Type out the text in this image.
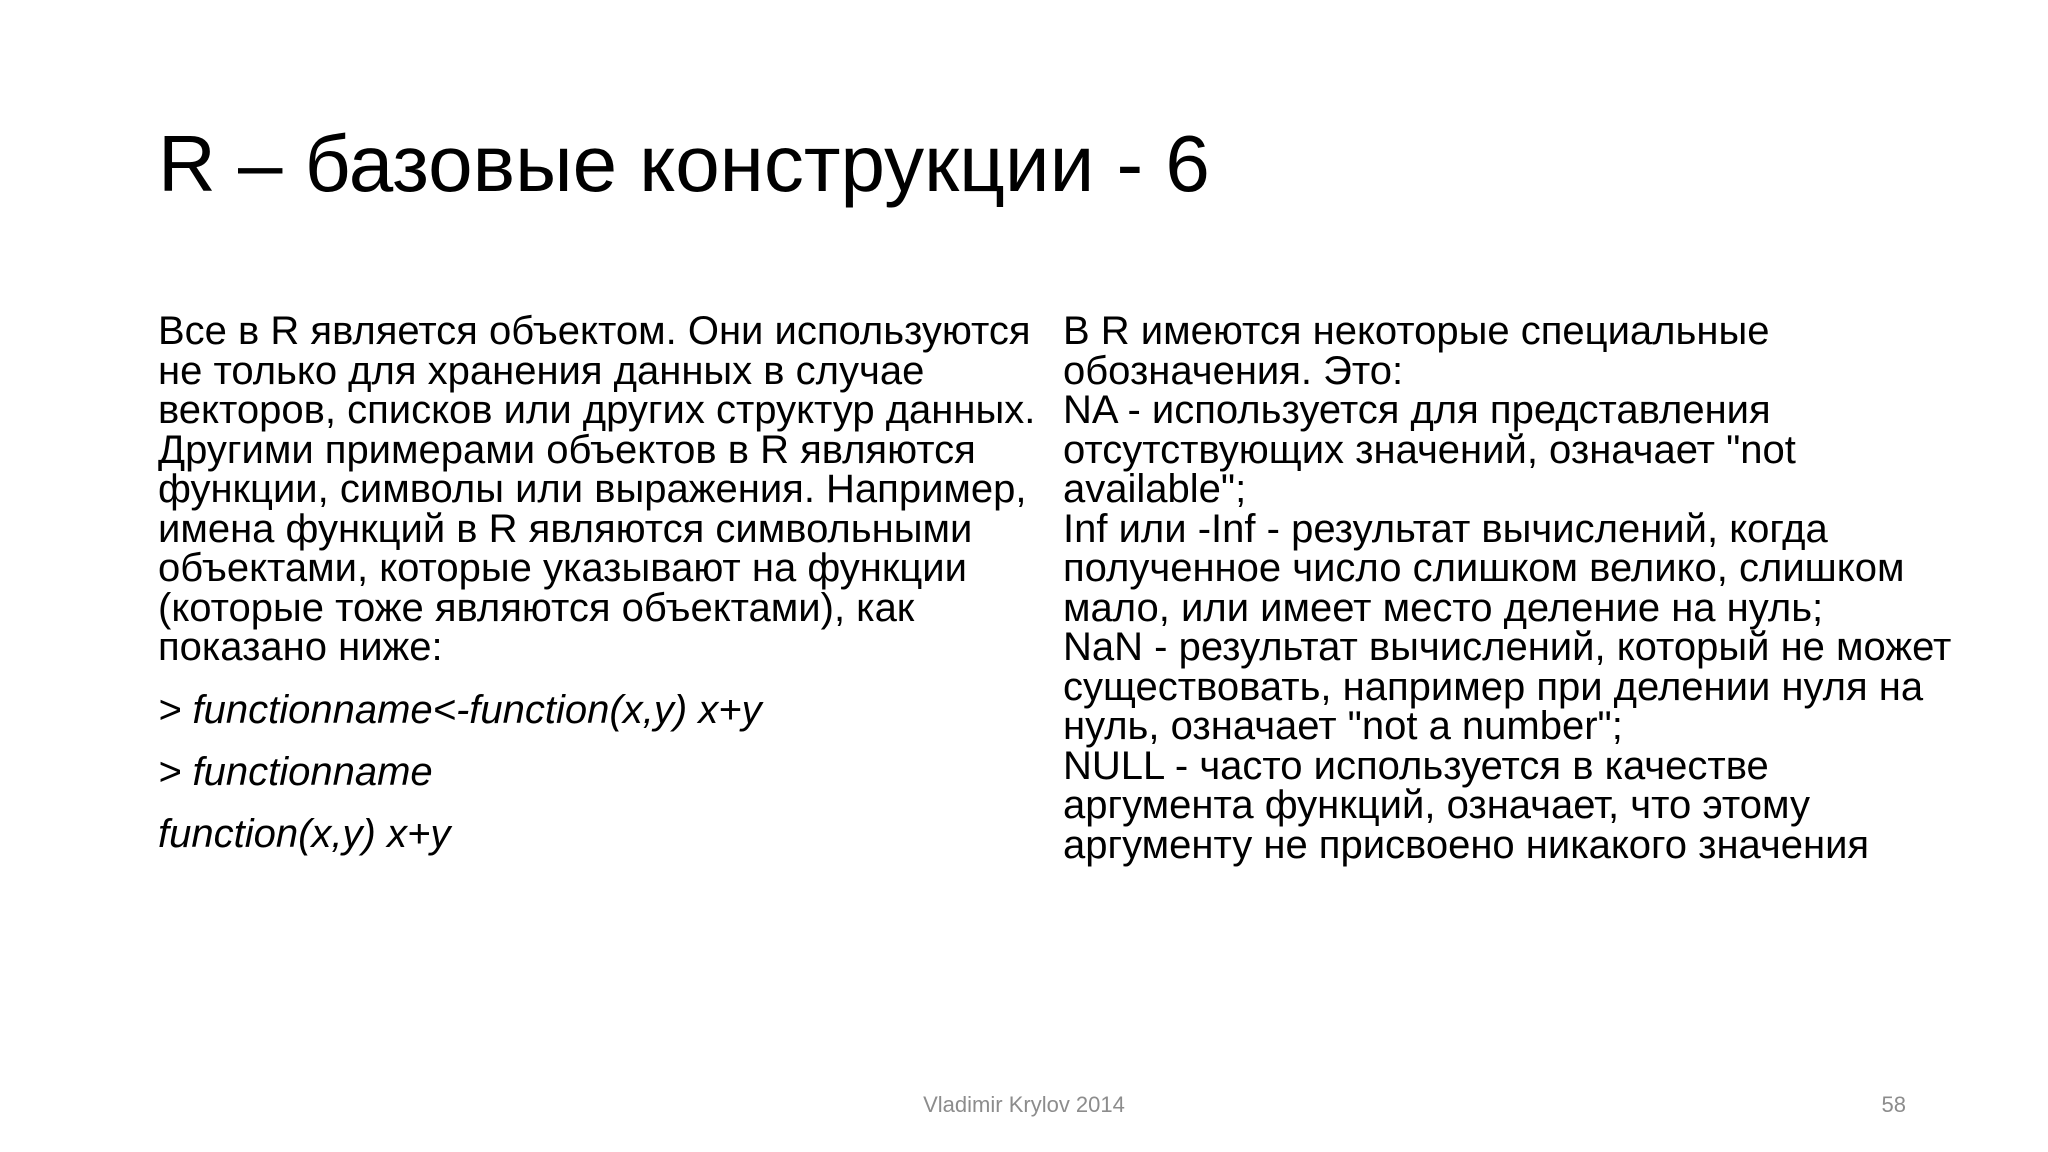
R – базовые конструкции - 6

Все в R является объектом. Они используются не только для хранения данных в случае векторов, списков или других структур данных. Другими примерами объектов в R являются функции, символы или выражения. Например, имена функций в R являются символьными объектами, которые указывают на функции (которые тоже являются объектами), как показано ниже:

> functionname<-function(x,y) x+y
> functionname
function(x,y) x+y
В R имеются некоторые специальные обозначения. Это:
NA - используется для представления отсутствующих значений, означает "not available";
Inf или -Inf - результат вычислений, когда полученное число слишком велико, слишком мало, или имеет место деление на нуль;
NaN - результат вычислений, который не может существовать, например при делении нуля на нуль, означает "not a number";
NULL - часто используется в качестве аргумента функций, означает, что этому аргументу не присвоено никакого значения
Vladimir Krylov 2014	58
